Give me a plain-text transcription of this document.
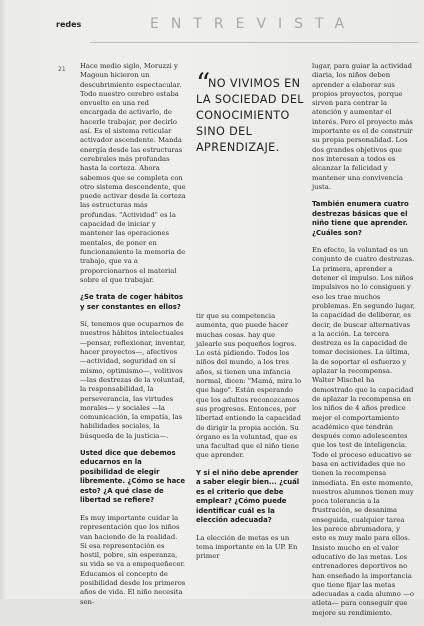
redes	ENTREVISTA
21 Hace medio siglo, Moruzzi y Magoun hicieron un descubrimiento espectacular. Todo nuestro cerebro estaba envuelto en una red encargada de activarlo, de hacerle trabajar, por decirlo así. Es el sistema reticular activador ascendente. Manda energía desde las estructuras cerebrales más profundas hasta la corteza. Ahora sabemos que se completa con otro sistema descendente, que puede activar desde la corteza las estructuras más profundas. "Actividad" es la capacidad de iniciar y mantener las operaciones mentales, de poner en funcionamiento la memoria de trabajo, que va a proporcionarnos el material sobre el que trabajar.

¿Se trata de coger hábitos y ser constantes en ellos?

Sí, tenemos que ocuparnos de nuestros hábitos intelectuales —pensar, reflexionar, inventar, hacer proyectos—, afectivos —actividad, seguridad en sí mismo, optimismo—, volitivos —las destrezas de la voluntad, la responsabilidad, la perseverancia, las virtudes morales— y sociales —la comunicación, la empatía, las habilidades sociales, la búsqueda de la justicia—.

Usted dice que debemos educarnos en la posibilidad de elegir libremente. ¿Cómo se hace esto? ¿A qué clase de libertad se refiere?

Es muy importante cuidar la representación que los niños van haciendo de la realidad. Si esa representación es hostil, pobre, sin esperanza, su vida se va a empequeñecer. Educamos el concepto de posibilidad desde los primeros años de vida. El niño necesita sen-

“
NO VIVIMOS EN LA SOCIEDAD DEL CONOCIMIENTO SINO DEL APRENDIZAJE.

tir que su competencia aumenta, que puede hacer muchas cosas. hay que jalearle sus pequeños logros. Lo está pidiendo. Todos los niños del mundo, a los tres años, si tienen una infancia normal, dicen: "Mamá, mira lo que hago". Están esperando que los adultos reconozcamos sus progresos. Entonces, por libertad entiendo la capacidad de dirigir la propia acción. Su órgano es la voluntad, que es una facultad que el niño tiene que aprender.

Y si el niño debe aprender a saber elegir bien... ¿cuál es el criterio que debe emplear? ¿Cómo puede identificar cuál es la elección adecuada?

La elección de metas es un tema importante en la UP. En primer

lugar, para guiar la actividad diaria, los niños deben aprender a elaborar sus propios proyectos, porque sirven para centrar la atención y aumentar el interés. Pero el proyecto más importante es el de construir su propia personalidad. Los dos grandes objetivos que nos interesan a todos es alcanzar la felicidad y mantener una convivencia justa.

También enumera cuatro destrezas básicas que el niño tiene que aprender. ¿Cuáles son?

En efecto, la voluntad es un conjunto de cuatro destrezas. La primera, aprender a detener el impulso. Los niños impulsivos no lo consiguen y eso les trae muchos problemas. En segundo lugar, la capacidad de deliberar, es decir, de buscar alternativas a la acción. La tercera destreza es la capacidad de tomar decisiones. La última, la de soportar el esfuerzo y aplazar la recompensa. Walter Mischel ha demostrado que la capacidad de aplazar la recompensa en los niños de 4 años predice mejor el comportamiento académico que tendrán después como adolescentes que los test de inteligencia. Todo el proceso educativo se basa en actividades que no tienen la recompensa inmediata. En este momento, nuestros alumnos tienen muy poca tolerancia a la frustración, se desanima enseguida, cualquier tarea les parece abrumadora, y esto es muy malo para ellos. Insisto mucho en el valor educativo de las metas. Los entrenadores deportivos no han enseñado la importancia que tiene fijar las metas adecuadas a cada alumno —o atleta— para conseguir que mejore su rendimiento.
